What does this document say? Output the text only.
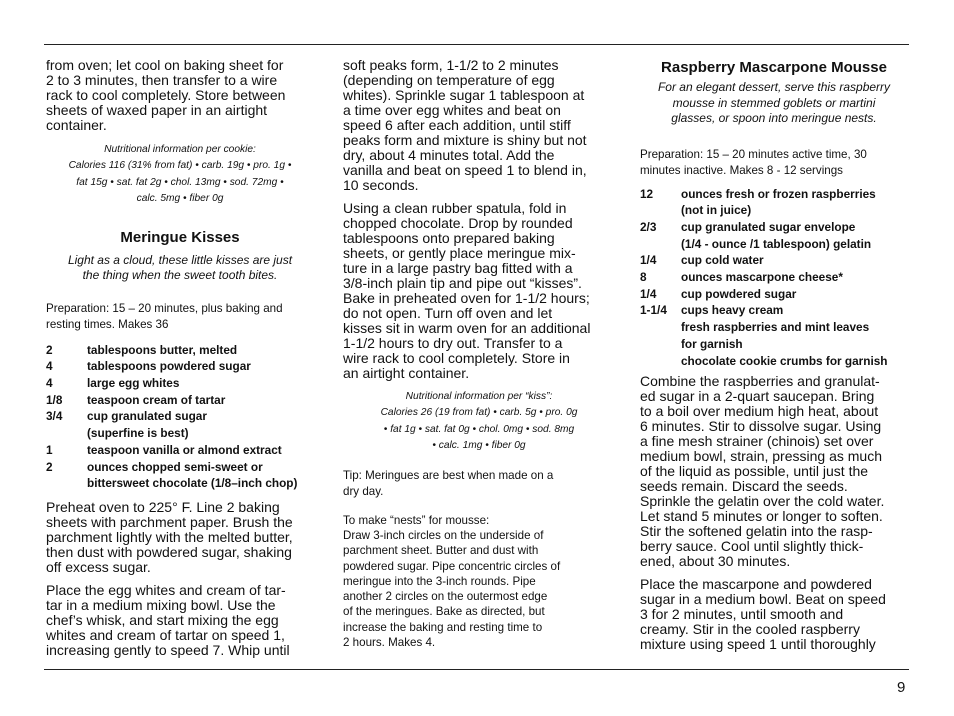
from oven; let cool on baking sheet for
2 to 3 minutes, then transfer to a wire
rack to cool completely. Store between
sheets of waxed paper in an airtight
container.
Nutritional information per cookie:
Calories 116 (31% from fat) • carb. 19g • pro. 1g •
fat 15g • sat. fat 2g • chol. 13mg • sod. 72mg •
calc. 5mg • fiber 0g
Meringue Kisses
Light as a cloud, these little kisses are just
the thing when the sweet tooth bites.
Preparation: 15 – 20 minutes, plus baking and
resting times. Makes 36
2	tablespoons butter, melted
4	tablespoons powdered sugar
4	large egg whites
1/8	teaspoon cream of tartar
3/4	cup granulated sugar
(superfine is best)
1	teaspoon vanilla or almond extract
2	ounces chopped semi-sweet or
bittersweet chocolate (1/8–inch chop)
Preheat oven to 225° F. Line 2 baking
sheets with parchment paper. Brush the
parchment lightly with the melted butter,
then dust with powdered sugar, shaking
off excess sugar.
Place the egg whites and cream of tar-
tar in a medium mixing bowl. Use the
chef’s whisk, and start mixing the egg
whites and cream of tartar on speed 1,
increasing gently to speed 7. Whip until
soft peaks form, 1-1/2 to 2 minutes
(depending on temperature of egg
whites). Sprinkle sugar 1 tablespoon at
a time over egg whites and beat on
speed 6 after each addition, until stiff
peaks form and mixture is shiny but not
dry, about 4 minutes total. Add the
vanilla and beat on speed 1 to blend in,
10 seconds.
Using a clean rubber spatula, fold in
chopped chocolate. Drop by rounded
tablespoons onto prepared baking
sheets, or gently place meringue mix-
ture in a large pastry bag fitted with a
3/8-inch plain tip and pipe out “kisses”.
Bake in preheated oven for 1-1/2 hours;
do not open. Turn off oven and let
kisses sit in warm oven for an additional
1-1/2 hours to dry out. Transfer to a
wire rack to cool completely. Store in
an airtight container.
Nutritional information per “kiss”:
Calories 26 (19 from fat) • carb. 5g • pro. 0g
• fat 1g • sat. fat 0g • chol. 0mg • sod. 8mg
• calc. 1mg • fiber 0g
Tip: Meringues are best when made on a
dry day.
To make “nests” for mousse:
Draw 3-inch circles on the underside of
parchment sheet. Butter and dust with
powdered sugar. Pipe concentric circles of
meringue into the 3-inch rounds. Pipe
another 2 circles on the outermost edge
of the meringues. Bake as directed, but
increase the baking and resting time to
2 hours. Makes 4.
Raspberry Mascarpone Mousse
For an elegant dessert, serve this raspberry
mousse in stemmed goblets or martini
glasses, or spoon into meringue nests.
Preparation: 15 – 20 minutes active time, 30
minutes inactive. Makes 8 - 12 servings
12	ounces fresh or frozen raspberries
(not in juice)
2/3	cup granulated sugar envelope
(1/4 - ounce /1 tablespoon) gelatin
1/4	cup cold water
8	ounces mascarpone cheese*
1/4	cup powdered sugar
1-1/4	cups heavy cream
fresh raspberries and mint leaves
for garnish
chocolate cookie crumbs for garnish
Combine the raspberries and granulat-
ed sugar in a 2-quart saucepan. Bring
to a boil over medium high heat, about
6 minutes. Stir to dissolve sugar. Using
a fine mesh strainer (chinois) set over
medium bowl, strain, pressing as much
of the liquid as possible, until just the
seeds remain. Discard the seeds.
Sprinkle the gelatin over the cold water.
Let stand 5 minutes or longer to soften.
Stir the softened gelatin into the rasp-
berry sauce. Cool until slightly thick-
ened, about 30 minutes.
Place the mascarpone and powdered
sugar in a medium bowl. Beat on speed
3 for 2 minutes, until smooth and
creamy. Stir in the cooled raspberry
mixture using speed 1 until thoroughly
9
